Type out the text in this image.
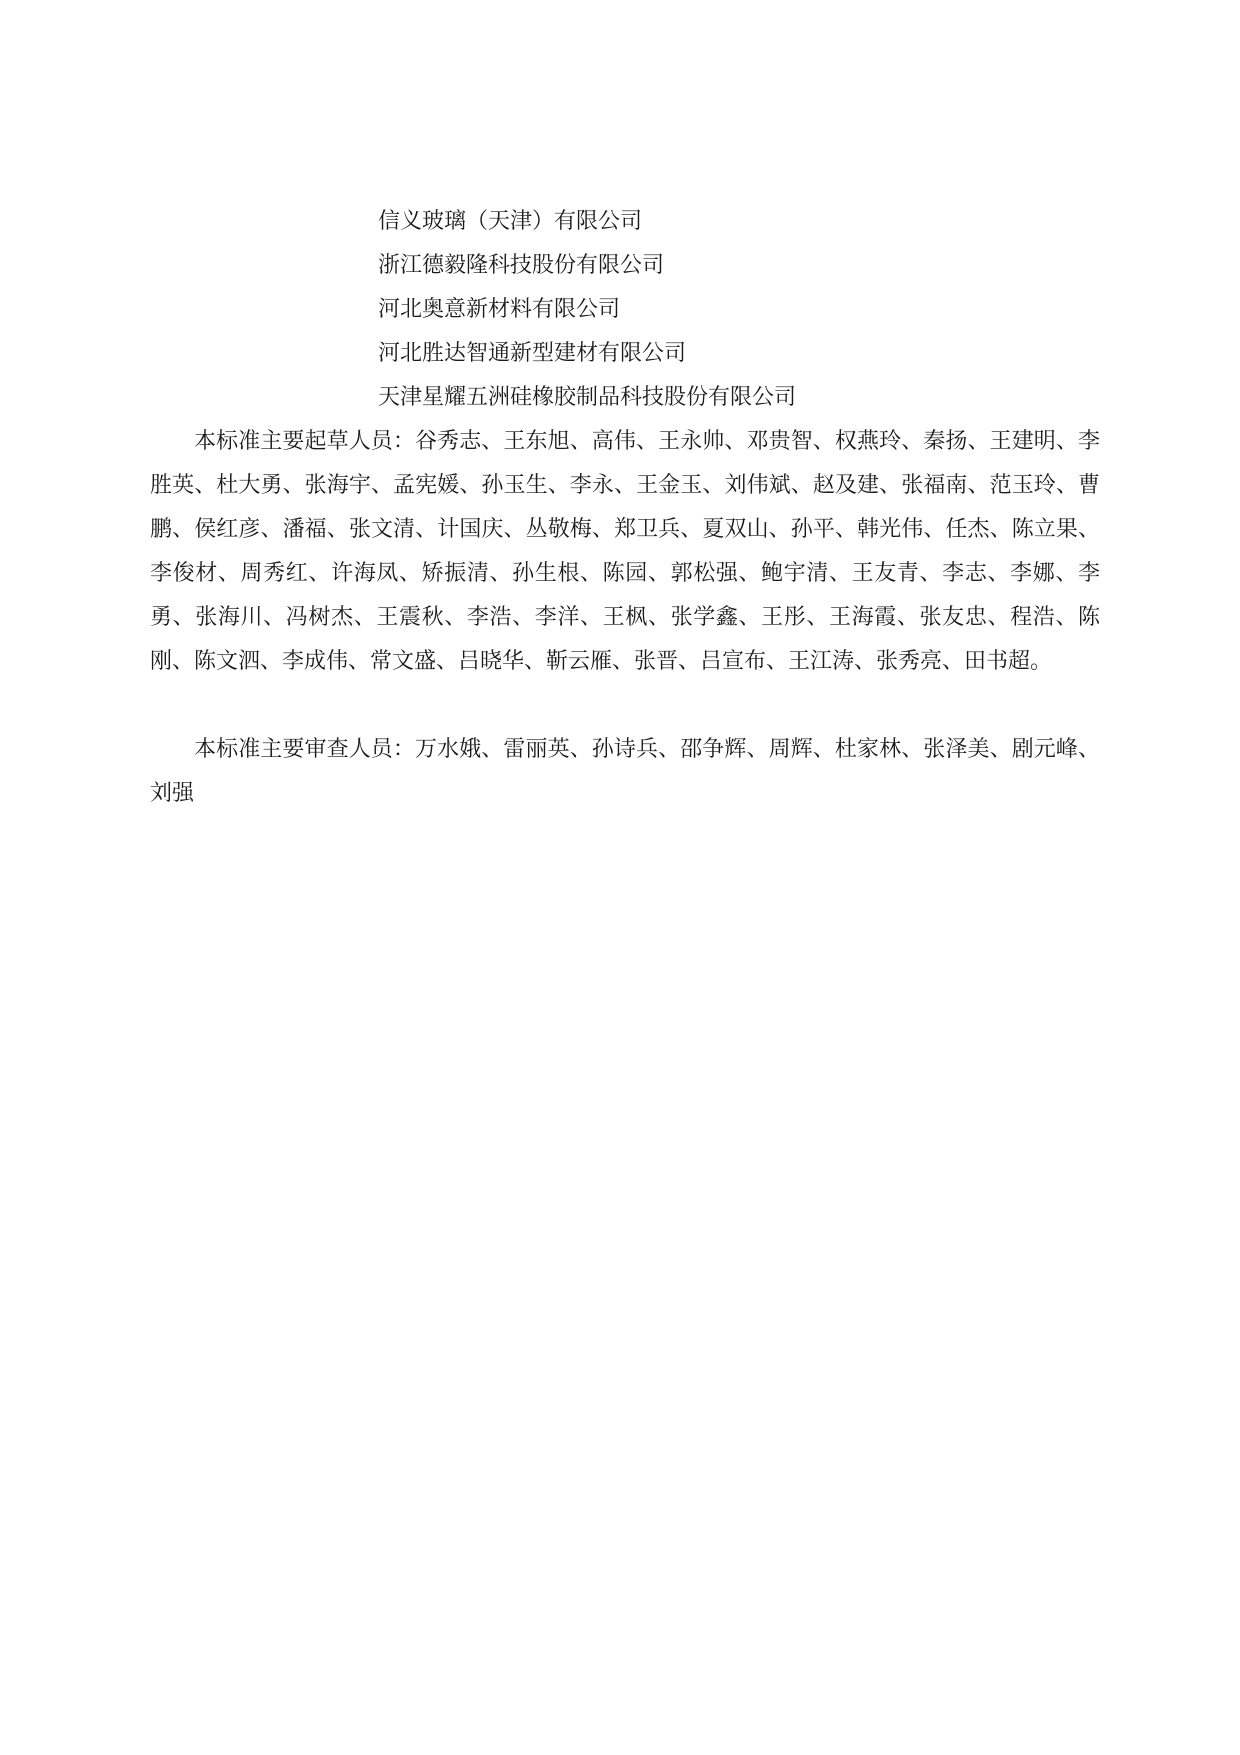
信义玻璃（天津）有限公司
浙江德毅隆科技股份有限公司
河北奥意新材料有限公司
河北胜达智通新型建材有限公司
天津星耀五洲硅橡胶制品科技股份有限公司

本标准主要起草人员：谷秀志、王东旭、高伟、王永帅、邓贵智、权燕玲、秦扬、王建明、李胜英、杜大勇、张海宇、孟宪媛、孙玉生、李永、王金玉、刘伟斌、赵及建、张福南、范玉玲、曹鹏、侯红彦、潘福、张文清、计国庆、丛敬梅、郑卫兵、夏双山、孙平、韩光伟、任杰、陈立果、李俊材、周秀红、许海凤、矫振清、孙生根、陈园、郭松强、鲍宇清、王友青、李志、李娜、李勇、张海川、冯树杰、王震秋、李浩、李洋、王枫、张学鑫、王彤、王海霞、张友忠、程浩、陈刚、陈文泗、李成伟、常文盛、吕晓华、靳云雁、张晋、吕宣布、王江涛、张秀亮、田书超。

本标准主要审查人员：万水娥、雷丽英、孙诗兵、邵争辉、周辉、杜家林、张泽美、剧元峰、刘强
